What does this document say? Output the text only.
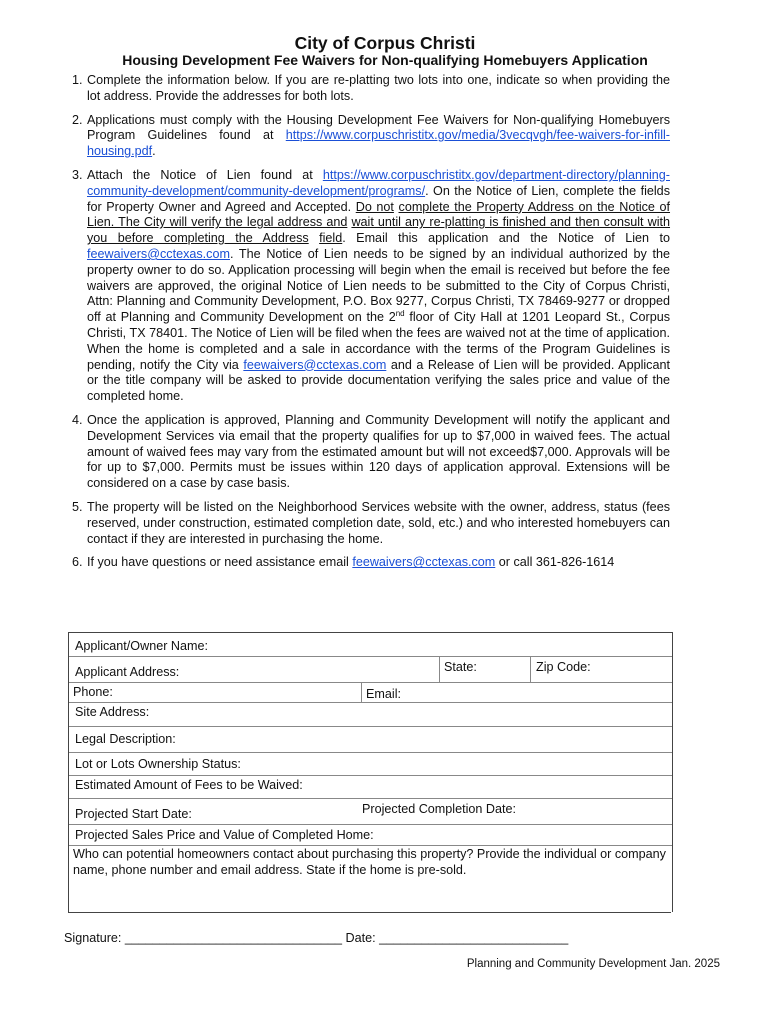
City of Corpus Christi
Housing Development Fee Waivers for Non-qualifying Homebuyers Application
1. Complete the information below. If you are re-platting two lots into one, indicate so when providing the lot address. Provide the addresses for both lots.
2. Applications must comply with the Housing Development Fee Waivers for Non-qualifying Homebuyers Program Guidelines found at https://www.corpuschristitx.gov/media/3vecqvgh/fee-waivers-for-infill-housing.pdf.
3. Attach the Notice of Lien found at https://www.corpuschristitx.gov/department-directory/planning-community-development/community-development/programs/. On the Notice of Lien, complete the fields for Property Owner and Agreed and Accepted. Do not complete the Property Address on the Notice of Lien. The City will verify the legal address and wait until any re-platting is finished and then consult with you before completing the Address field. Email this application and the Notice of Lien to feewaivers@cctexas.com. The Notice of Lien needs to be signed by an individual authorized by the property owner to do so. Application processing will begin when the email is received but before the fee waivers are approved, the original Notice of Lien needs to be submitted to the City of Corpus Christi, Attn: Planning and Community Development, P.O. Box 9277, Corpus Christi, TX 78469-9277 or dropped off at Planning and Community Development on the 2nd floor of City Hall at 1201 Leopard St., Corpus Christi, TX 78401. The Notice of Lien will be filed when the fees are waived not at the time of application. When the home is completed and a sale in accordance with the terms of the Program Guidelines is pending, notify the City via feewaivers@cctexas.com and a Release of Lien will be provided. Applicant or the title company will be asked to provide documentation verifying the sales price and value of the completed home.
4. Once the application is approved, Planning and Community Development will notify the applicant and Development Services via email that the property qualifies for up to $7,000 in waived fees. The actual amount of waived fees may vary from the estimated amount but will not exceed$7,000. Approvals will be for up to $7,000. Permits must be issues within 120 days of application approval. Extensions will be considered on a case by case basis.
5. The property will be listed on the Neighborhood Services website with the owner, address, status (fees reserved, under construction, estimated completion date, sold, etc.) and who interested homebuyers can contact if they are interested in purchasing the home.
6. If you have questions or need assistance email feewaivers@cctexas.com or call 361-826-1614
Applicant/Owner Name:
Applicant Address:	State:	Zip Code:
Phone:	Email:
Site Address:
Legal Description:
Lot or Lots Ownership Status:
Estimated Amount of Fees to be Waived:
Projected Start Date:	Projected Completion Date:
Projected Sales Price and Value of Completed Home:
Who can potential homeowners contact about purchasing this property? Provide the individual or company name, phone number and email address. State if the home is pre-sold.
Signature: _______________________________ Date: ___________________________
Planning and Community Development Jan. 2025
